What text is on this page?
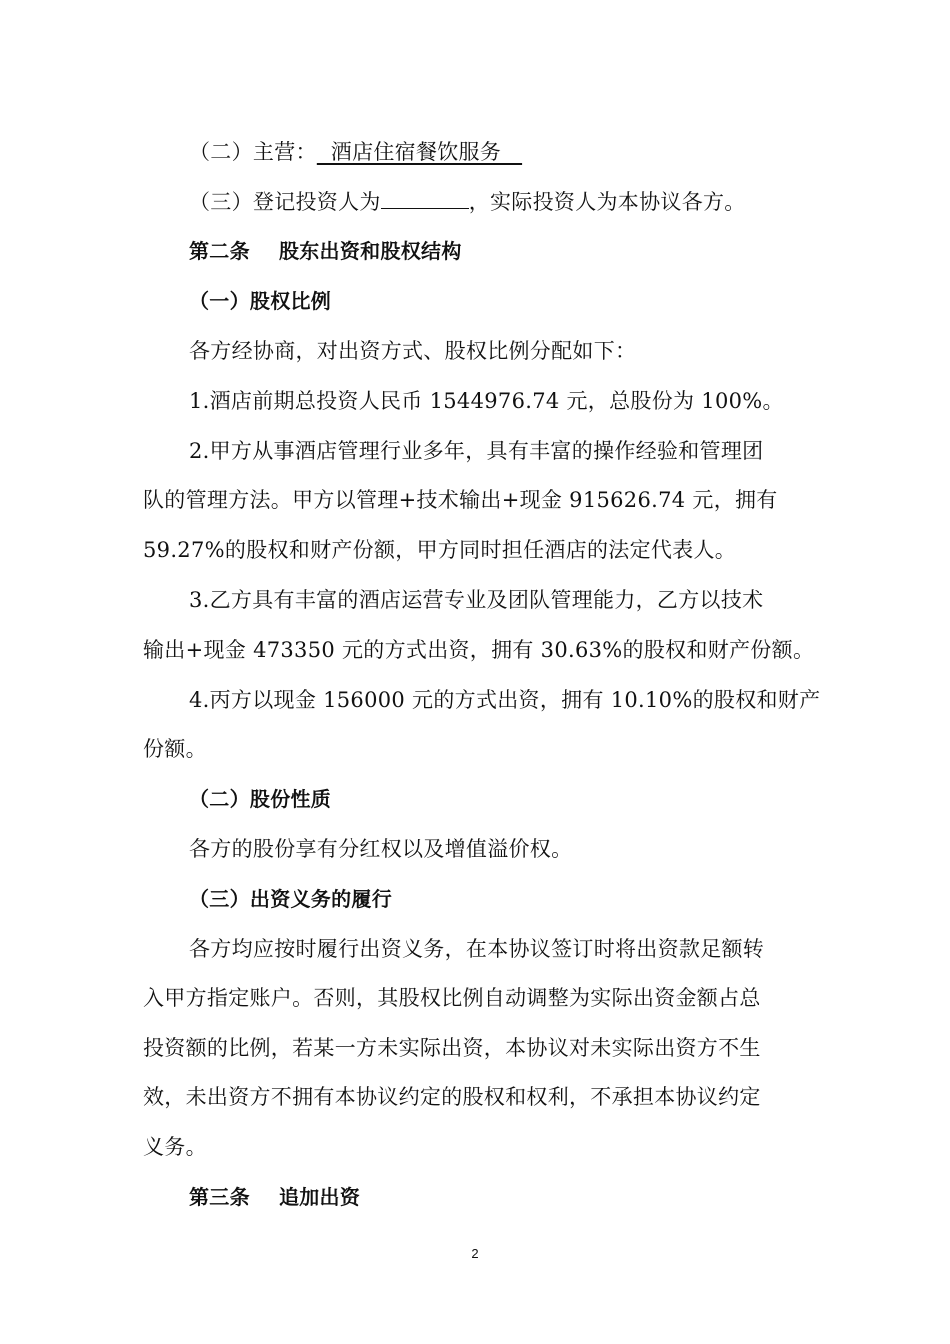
（二）主营：  酒店住宿餐饮服务
（三）登记投资人为	，实际投资人为本协议各方。
第二条    股东出资和股权结构
（一）股权比例
各方经协商，对出资方式、股权比例分配如下：
1.酒店前期总投资人民币 1544976.74 元，总股份为 100%。
2.甲方从事酒店管理行业多年，具有丰富的操作经验和管理团
队的管理方法。甲方以管理+技术输出+现金 915626.74 元，拥有
59.27%的股权和财产份额，甲方同时担任酒店的法定代表人。
3.乙方具有丰富的酒店运营专业及团队管理能力，乙方以技术
输出+现金 473350 元的方式出资，拥有 30.63%的股权和财产份额。
4.丙方以现金 156000 元的方式出资，拥有 10.10%的股权和财产
份额。
（二）股份性质
各方的股份享有分红权以及增值溢价权。
（三）出资义务的履行
各方均应按时履行出资义务，在本协议签订时将出资款足额转
入甲方指定账户。否则，其股权比例自动调整为实际出资金额占总
投资额的比例，若某一方未实际出资，本协议对未实际出资方不生
效，未出资方不拥有本协议约定的股权和权利，不承担本协议约定
义务。
第三条    追加出资
2
